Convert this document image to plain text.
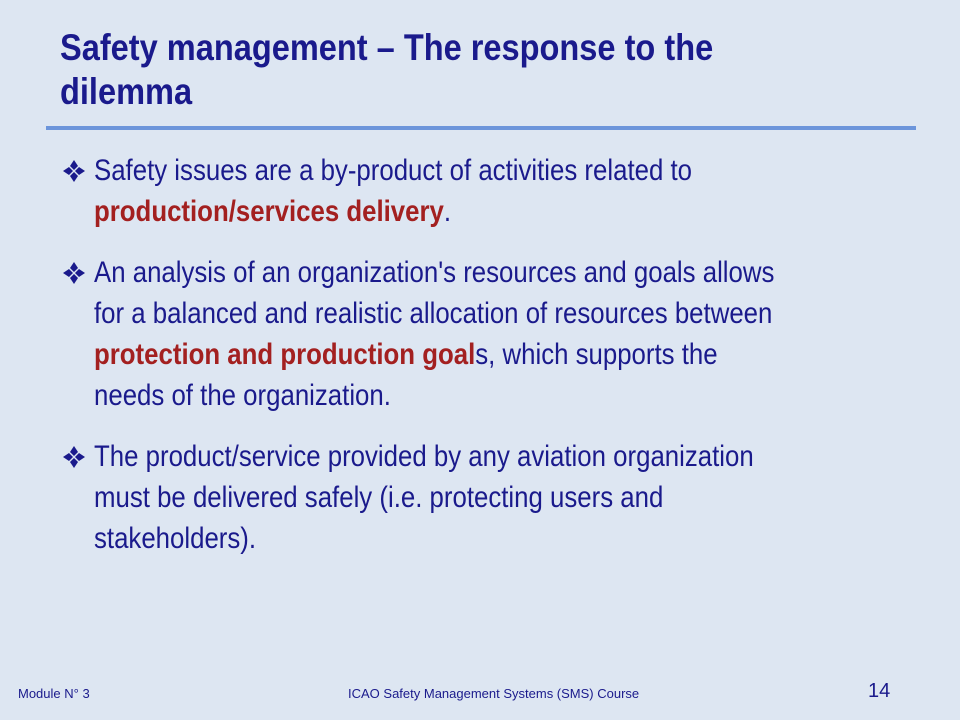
Safety management – The response to the
dilemma
Safety issues are a by-product of activities related to
production/services delivery.
An analysis of an organization's resources and goals allows
for a balanced and realistic allocation of resources between
protection and production goals, which supports the
needs of the organization.
The product/service provided by any aviation organization
must be delivered safely (i.e. protecting users and
stakeholders).
Module N° 3	ICAO Safety Management Systems (SMS) Course	14
